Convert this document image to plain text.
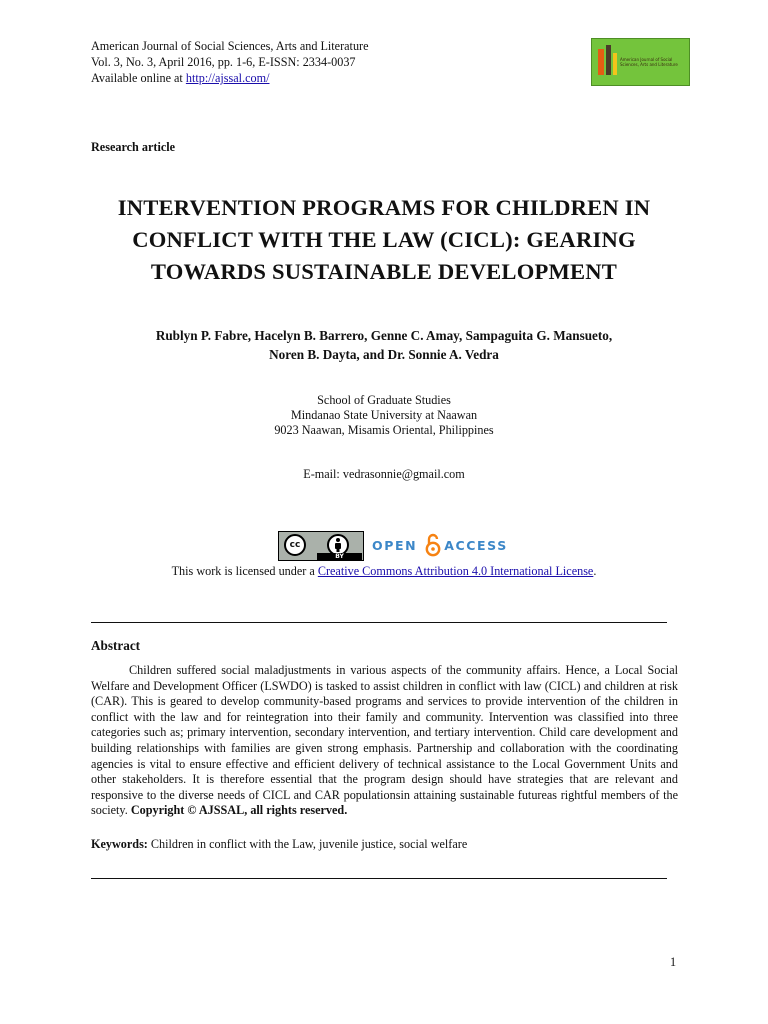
American Journal of Social Sciences, Arts and Literature
Vol. 3, No. 3, April 2016, pp. 1-6, E-ISSN: 2334-0037
Available online at http://ajssal.com/
American Journal of Social Sciences, Arts and Literature
Research article
INTERVENTION PROGRAMS FOR CHILDREN IN
CONFLICT WITH THE LAW (CICL): GEARING
TOWARDS SUSTAINABLE DEVELOPMENT
Rublyn P. Fabre, Hacelyn B. Barrero, Genne C. Amay, Sampaguita G. Mansueto,
Noren B. Dayta, and Dr. Sonnie A. Vedra
School of Graduate Studies
Mindanao State University at Naawan
9023 Naawan, Misamis Oriental, Philippines
E-mail: vedrasonnie@gmail.com
cc
BY
OPEN ACCESS
This work is licensed under a Creative Commons Attribution 4.0 International License.
Abstract
Children suffered social maladjustments in various aspects of the community affairs. Hence, a Local Social Welfare and Development Officer (LSWDO) is tasked to assist children in conflict with law (CICL) and children at risk (CAR). This is geared to develop community-based programs and services to provide intervention of the children in conflict with the law and for reintegration into their family and community. Intervention was classified into three categories such as; primary intervention, secondary intervention, and tertiary intervention. Child care development and building relationships with families are given strong emphasis. Partnership and collaboration with the coordinating agencies is vital to ensure effective and efficient delivery of technical assistance to the Local Government Units and other stakeholders. It is therefore essential that the program design should have strategies that are relevant and responsive to the diverse needs of CICL and CAR populationsin attaining sustainable futureas rightful members of the society. Copyright © AJSSAL, all rights reserved.
Keywords: Children in conflict with the Law, juvenile justice, social welfare
1
